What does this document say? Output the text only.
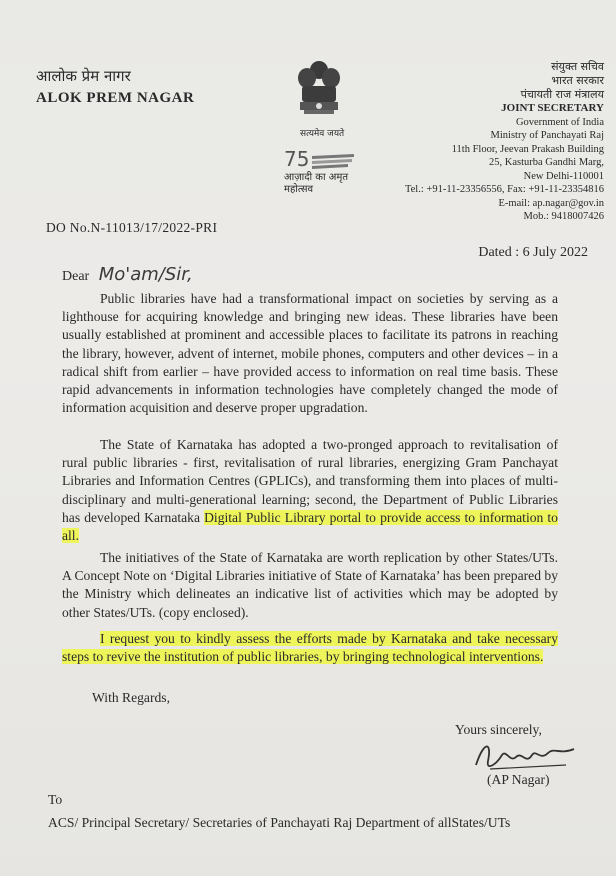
आलोक प्रेम नागर
ALOK PREM NAGAR
सत्यमेव जयते
75
आज़ादी का अमृत महोत्सव
संयुक्त सचिव
भारत सरकार
पंचायती राज मंत्रालय
JOINT SECRETARY
Government of India
Ministry of Panchayati Raj
11th Floor, Jeevan Prakash Building
25, Kasturba Gandhi Marg,
New Delhi-110001
Tel.: +91-11-23356556, Fax: +91-11-23354816
E-mail: ap.nagar@gov.in
Mob.: 9418007426
DO No.N-11013/17/2022-PRI
Dated : 6 July 2022
Dear Mo'am/Sir,
Public libraries have had a transformational impact on societies by serving as a lighthouse for acquiring knowledge and bringing new ideas. These libraries have been usually established at prominent and accessible places to facilitate its patrons in reaching the library, however, advent of internet, mobile phones, computers and other devices – in a radical shift from earlier – have provided access to information on real time basis. These rapid advancements in information technologies have completely changed the mode of information acquisition and deserve proper upgradation.
The State of Karnataka has adopted a two-pronged approach to revitalisation of rural public libraries - first, revitalisation of rural libraries, energizing Gram Panchayat Libraries and Information Centres (GPLICs), and transforming them into places of multi-disciplinary and multi-generational learning; second, the Department of Public Libraries has developed Karnataka Digital Public Library portal to provide access to information to all.
The initiatives of the State of Karnataka are worth replication by other States/UTs. A Concept Note on ‘Digital Libraries initiative of State of Karnataka’ has been prepared by the Ministry which delineates an indicative list of activities which may be adopted by other States/UTs. (copy enclosed).
I request you to kindly assess the efforts made by Karnataka and take necessary steps to revive the institution of public libraries, by bringing technological interventions.
With Regards,
Yours sincerely,
(AP Nagar)
To
ACS/ Principal Secretary/ Secretaries of Panchayati Raj Department of allStates/UTs
